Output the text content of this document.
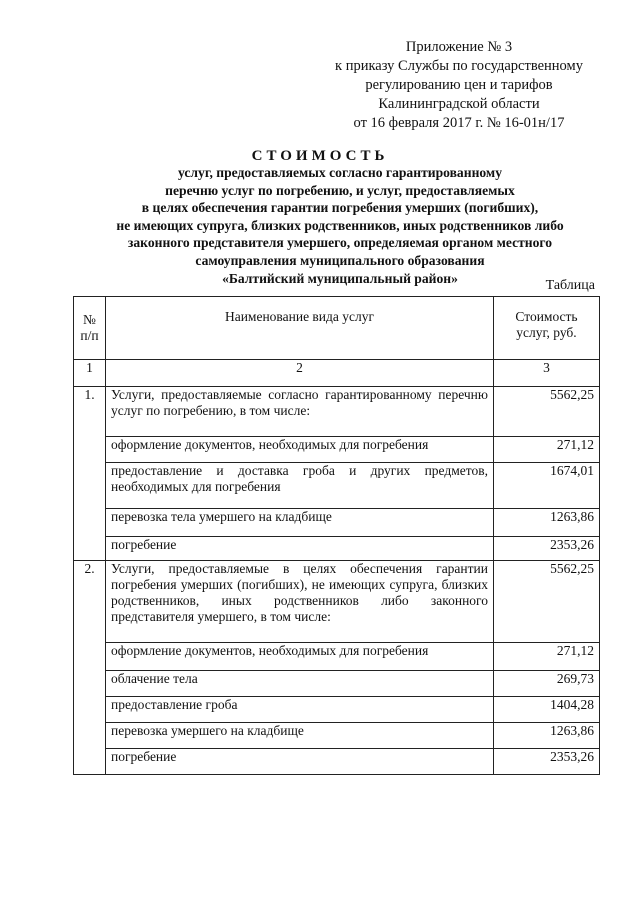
Приложение № 3
к приказу Службы по государственному
регулированию цен и тарифов
Калининградской области
от 16 февраля 2017 г. № 16-01н/17
СТОИМОСТЬ
услуг, предоставляемых согласно гарантированному
перечню услуг по погребению, и услуг, предоставляемых
в целях обеспечения гарантии погребения умерших (погибших),
не имеющих супруга, близких родственников, иных родственников либо
законного представителя умершего, определяемая органом местного
самоуправления муниципального образования
«Балтийский муниципальный район»	Таблица
№ п/п	Наименование вида услуг	Стоимость услуг, руб.
1	2	3
1.	Услуги, предоставляемые согласно гарантированному перечню услуг по погребению, в том числе:	5562,25
	оформление документов, необходимых для погребения	271,12
	предоставление и доставка гроба и других предметов, необходимых для погребения	1674,01
	перевозка тела умершего на кладбище	1263,86
	погребение	2353,26
2.	Услуги, предоставляемые в целях обеспечения гарантии погребения умерших (погибших), не имеющих супруга, близких родственников, иных родственников либо законного представителя умершего, в том числе:	5562,25
	оформление документов, необходимых для погребения	271,12
	облачение тела	269,73
	предоставление гроба	1404,28
	перевозка умершего на кладбище	1263,86
	погребение	2353,26
